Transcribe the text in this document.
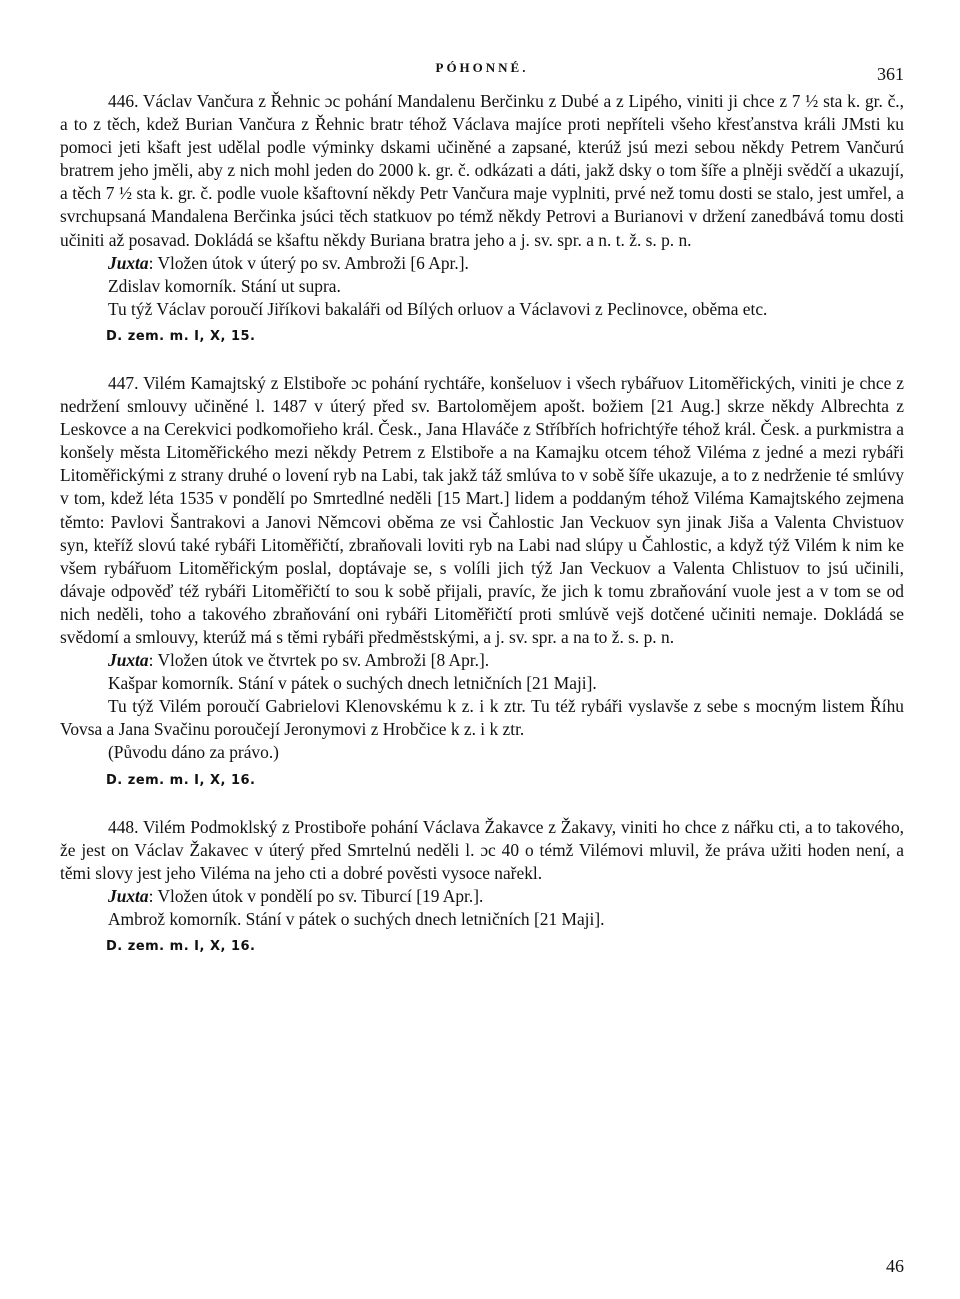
PÓHONNÉ.	361

446. Václav Vančura z Řehnic ɔc pohání Mandalenu Berčinku z Dubé a z Lipého, viniti ji chce z 7 ½ sta k. gr. č., a to z těch, kdež Burian Vančura z Řehnic bratr téhož Václava majíce proti nepříteli všeho křesťanstva králi JMsti ku pomoci jeti kšaft jest udělal podle výminky dskami učiněné a zapsané, kterúž jsú mezi sebou někdy Petrem Vančurú bratrem jeho jměli, aby z nich mohl jeden do 2000 k. gr. č. odkázati a dáti, jakž dsky o tom šíře a plněji svědčí a ukazují, a těch 7 ½ sta k. gr. č. podle vuole kšaftovní někdy Petr Vančura maje vyplniti, prvé než tomu dosti se stalo, jest umřel, a svrchupsaná Mandalena Berčinka jsúci těch statkuov po témž někdy Petrovi a Burianovi v držení zanedbává tomu dosti učiniti až posavad. Dokládá se kšaftu někdy Buriana bratra jeho a j. sv. spr. a n. t. ž. s. p. n.

Juxta: Vložen útok v úterý po sv. Ambroži [6 Apr.].

Zdislav komorník. Stání ut supra.

Tu týž Václav poroučí Jiříkovi bakaláři od Bílých orluov a Václavovi z Peclinovce, oběma etc.

D. zem. m. I, X, 15.

447. Vilém Kamajtský z Elstiboře ɔc pohání rychtáře, konšeluov i všech rybářuov Litoměřických, viniti je chce z nedržení smlouvy učiněné l. 1487 v úterý před sv. Bartolomějem apošt. božiem [21 Aug.] skrze někdy Albrechta z Leskovce a na Cerekvici podkomořieho král. Česk., Jana Hlaváče z Stříbřích hofrichtýře téhož král. Česk. a purkmistra a konšely města Litoměřického mezi někdy Petrem z Elstiboře a na Kamajku otcem téhož Viléma z jedné a mezi rybáři Litoměřickými z strany druhé o lovení ryb na Labi, tak jakž táž smlúva to v sobě šíře ukazuje, a to z nedrženie té smlúvy v tom, kdež léta 1535 v pondělí po Smrtedlné neděli [15 Mart.] lidem a poddaným téhož Viléma Kamajtského zejmena těmto: Pavlovi Šantrakovi a Janovi Němcovi oběma ze vsi Čahlostic Jan Veckuov syn jinak Jiša a Valenta Chvistuov syn, kteříž slovú také rybáři Litoměřičtí, zbraňovali loviti ryb na Labi nad slúpy u Čahlostic, a když týž Vilém k nim ke všem rybářuom Litoměřickým poslal, doptávaje se, s volíli jich týž Jan Veckuov a Valenta Chlistuov to jsú učinili, dávaje odpověď též rybáři Litoměřičtí to sou k sobě přijali, pravíc, že jich k tomu zbraňování vuole jest a v tom se od nich neděli, toho a takového zbraňování oni rybáři Litoměřičtí proti smlúvě vejš dotčené učiniti nemaje. Dokládá se svědomí a smlouvy, kterúž má s těmi rybáři předměstskými, a j. sv. spr. a na to ž. s. p. n.

Juxta: Vložen útok ve čtvrtek po sv. Ambroži [8 Apr.].

Kašpar komorník. Stání v pátek o suchých dnech letničních [21 Maji].

Tu týž Vilém poroučí Gabrielovi Klenovskému k z. i k ztr. Tu též rybáři vyslavše z sebe s mocným listem Říhu Vovsa a Jana Svačinu poroučejí Jeronymovi z Hrobčice k z. i k ztr.

(Původu dáno za právo.)

D. zem. m. I, X, 16.

448. Vilém Podmoklský z Prostiboře pohání Václava Žakavce z Žakavy, viniti ho chce z nářku cti, a to takového, že jest on Václav Žakavec v úterý před Smrtelnú neděli l. ɔc 40 o témž Vilémovi mluvil, že práva užiti hoden není, a těmi slovy jest jeho Viléma na jeho cti a dobré pověsti vysoce nařekl.

Juxta: Vložen útok v pondělí po sv. Tiburcí [19 Apr.].

Ambrož komorník. Stání v pátek o suchých dnech letničních [21 Maji].

D. zem. m. I, X, 16.
46
